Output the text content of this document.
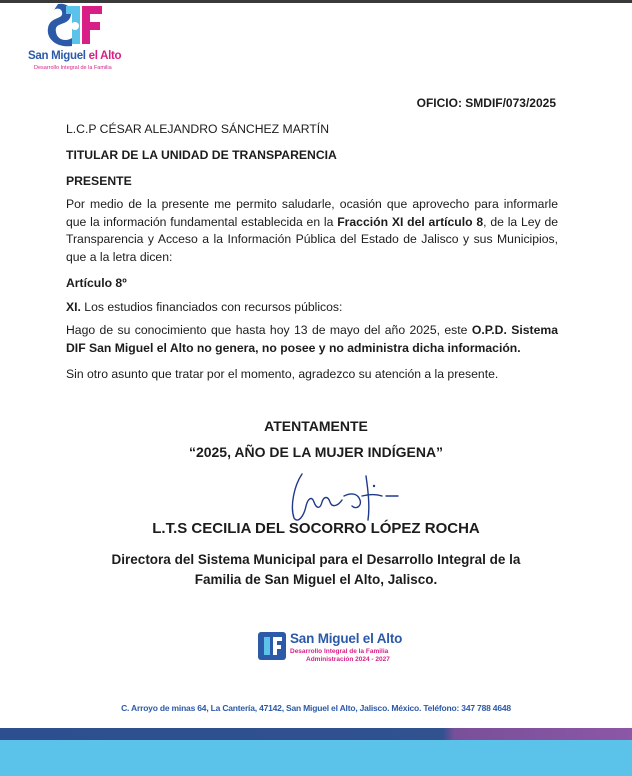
San Miguel el Alto
Desarrollo Integral de la Familia
OFICIO: SMDIF/073/2025
L.C.P CÉSAR ALEJANDRO SÁNCHEZ MARTÍN
TITULAR DE LA UNIDAD DE TRANSPARENCIA
PRESENTE
Por medio de la presente me permito saludarle, ocasión que aprovecho para informarle que la información fundamental establecida en la Fracción XI del artículo 8, de la Ley de Transparencia y Acceso a la Información Pública del Estado de Jalisco y sus Municipios, que a la letra dicen:
Artículo 8º
XI. Los estudios financiados con recursos públicos:
Hago de su conocimiento que hasta hoy 13 de mayo del año 2025, este O.P.D. Sistema DIF San Miguel el Alto no genera, no posee y no administra dicha información.
Sin otro asunto que tratar por el momento, agradezco su atención a la presente.
ATENTAMENTE
“2025, AÑO DE LA MUJER INDÍGENA”
L.T.S CECILIA DEL SOCORRO LÓPEZ ROCHA
Directora del Sistema Municipal para el Desarrollo Integral de la
Familia de San Miguel el Alto, Jalisco.
San Miguel el Alto
Desarrollo Integral de la Familia
Administración 2024 - 2027
C. Arroyo de minas 64, La Cantería, 47142, San Miguel el Alto, Jalisco. México. Teléfono: 347 788 4648
